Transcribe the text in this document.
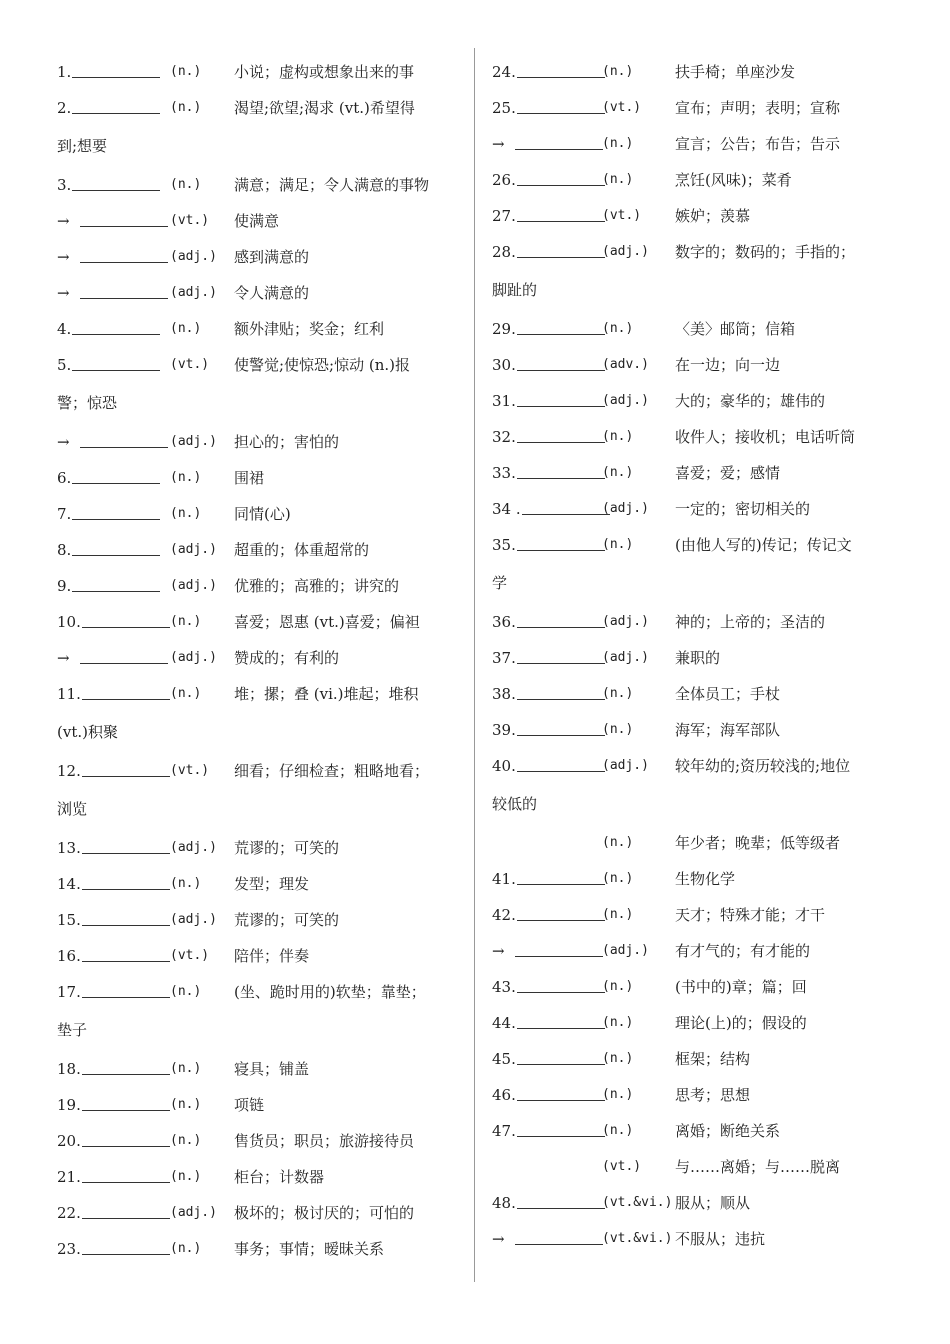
1.	(n.) 小说；虚构或想象出来的事
2.	(n.) 渴望;欲望;渴求 (vt.)希望得
到;想要
3.	(n.) 满意；满足；令人满意的事物
→	(vt.) 使满意
→	(adj.) 感到满意的
→	(adj.) 令人满意的
4.	(n.) 额外津贴；奖金；红利
5.	(vt.) 使警觉;使惊恐;惊动 (n.)报
警；惊恐
→	(adj.) 担心的；害怕的
6.	(n.) 围裙
7.	(n.) 同情(心)
8.	(adj.) 超重的；体重超常的
9.	(adj.) 优雅的；高雅的；讲究的
10.	(n.) 喜爱；恩惠 (vt.)喜爱；偏袒
→	(adj.) 赞成的；有利的
11.	(n.) 堆；摞；叠 (vi.)堆起；堆积
(vt.)积聚
12.	(vt.) 细看；仔细检查；粗略地看；
浏览
13.	(adj.) 荒谬的；可笑的
14.	(n.) 发型；理发
15.	(adj.) 荒谬的；可笑的
16.	(vt.) 陪伴；伴奏
17.	(n.) (坐、跪时用的)软垫；靠垫；
垫子
18.	(n.) 寝具；铺盖
19.	(n.) 项链
20.	(n.) 售货员；职员；旅游接待员
21.	(n.) 柜台；计数器
22.	(adj.) 极坏的；极讨厌的；可怕的
23.	(n.) 事务；事情；暧昧关系
24.	(n.)	扶手椅；单座沙发
25.	(vt.) 宣布；声明；表明；宣称
→	(n.)	宣言；公告；布告；告示
26.	(n.)	烹饪(风味)；菜肴
27.	(vt.) 嫉妒；羡慕
28.	(adj.) 数字的；数码的；手指的；
脚趾的
29.	(n.)	〈美〉邮筒；信箱
30.	(adv.) 在一边；向一边
31.	(adj.) 大的；豪华的；雄伟的
32.	(n.)	收件人；接收机；电话听筒
33.	(n.)	喜爱；爱；感情
34 .	(adj.) 一定的；密切相关的
35.	(n.)	(由他人写的)传记；传记文
学
36.	(adj.) 神的；上帝的；圣洁的
37.	(adj.) 兼职的
38.	(n.)	全体员工；手杖
39.	(n.)	海军；海军部队
40.	(adj.) 较年幼的;资历较浅的;地位
较低的
(n.)	年少者；晚辈；低等级者
41.	(n.)	生物化学
42.	(n.)	天才；特殊才能；才干
→	(adj.) 有才气的；有才能的
43.	(n.)	(书中的)章；篇；回
44.	(n.)	理论(上)的；假设的
45.	(n.)	框架；结构
46.	(n.)	思考；思想
47.	(n.)	离婚；断绝关系
(vt.) 与……离婚；与……脱离
48.	(vt.&vi.) 服从；顺从
→	(vt.&vi.) 不服从；违抗
